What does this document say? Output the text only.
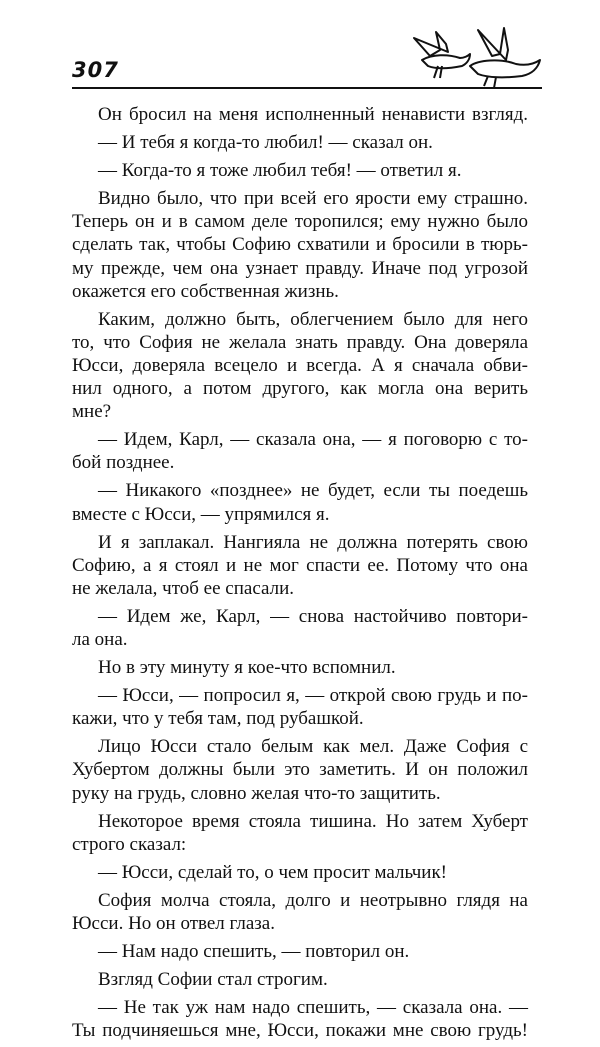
307

Он бросил на меня исполненный ненависти взгляд.

— И тебя я когда-то любил! — сказал он.

— Когда-то я тоже любил тебя! — ответил я.

Видно было, что при всей его ярости ему страшно.
Теперь он и в самом деле торопился; ему нужно было
сделать так, чтобы Софию схватили и бросили в тюрь-
му прежде, чем она узнает правду. Иначе под угрозой
окажется его собственная жизнь.

Каким, должно быть, облегчением было для него
то, что София не желала знать правду. Она доверяла
Юсси, доверяла всецело и всегда. А я сначала обви-
нил одного, а потом другого, как могла она верить
мне?

— Идем, Карл, — сказала она, — я поговорю с то-
бой позднее.

— Никакого «позднее» не будет, если ты поедешь
вместе с Юсси, — упрямился я.

И я заплакал. Нангияла не должна потерять свою
Софию, а я стоял и не мог спасти ее. Потому что она
не желала, чтоб ее спасали.

— Идем же, Карл, — снова настойчиво повтори-
ла она.

Но в эту минуту я кое-что вспомнил.

— Юсси, — попросил я, — открой свою грудь и по-
кажи, что у тебя там, под рубашкой.

Лицо Юсси стало белым как мел. Даже София с
Хубертом должны были это заметить. И он положил
руку на грудь, словно желая что-то защитить.

Некоторое время стояла тишина. Но затем Хуберт
строго сказал:

— Юсси, сделай то, о чем просит мальчик!

София молча стояла, долго и неотрывно глядя на
Юсси. Но он отвел глаза.

— Нам надо спешить, — повторил он.

Взгляд Софии стал строгим.

— Не так уж нам надо спешить, — сказала она. —
Ты подчиняешься мне, Юсси, покажи мне свою грудь!
